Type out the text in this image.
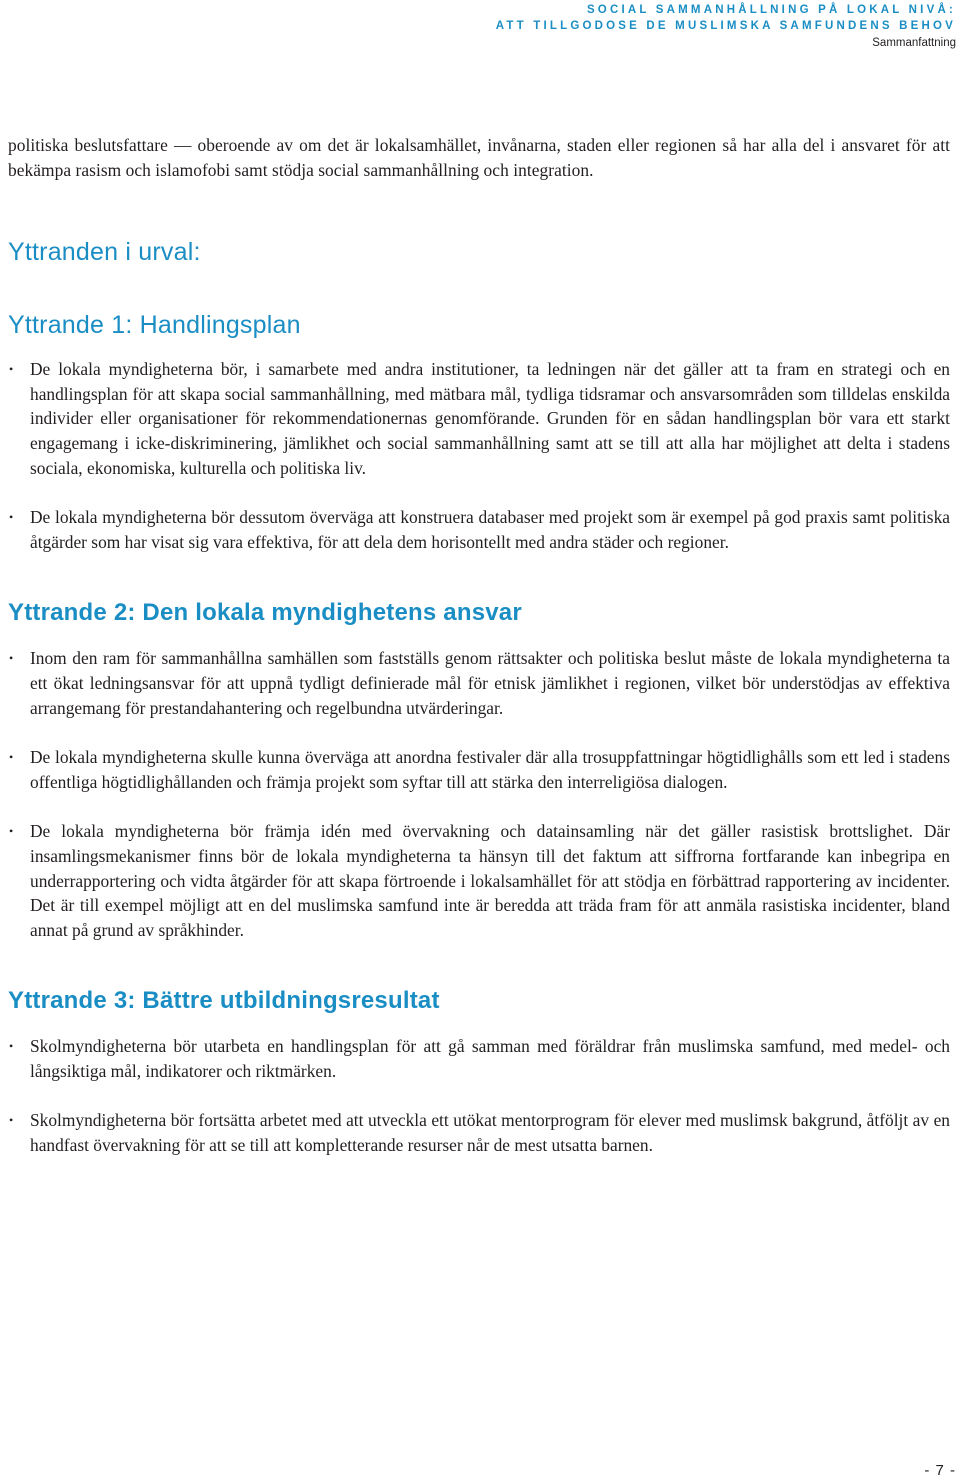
SOCIAL SAMMANHÅLLNING PÅ LOKAL NIVÅ:
ATT TILLGODOSE DE MUSLIMSKA SAMFUNDENS BEHOV
Sammanfattning

politiska beslutsfattare — oberoende av om det är lokalsamhället, invånarna, staden eller regionen så har alla del i ansvaret för att bekämpa rasism och islamofobi samt stödja social sammanhållning och integration.

Yttranden i urval:
Yttrande 1: Handlingsplan
• De lokala myndigheterna bör, i samarbete med andra institutioner, ta ledningen när det gäller att ta fram en strategi och en handlingsplan för att skapa social sammanhållning, med mätbara mål, tydliga tidsramar och ansvarsområden som tilldelas enskilda individer eller organisationer för rekommendationernas genomförande. Grunden för en sådan handlingsplan bör vara ett starkt engagemang i icke-diskriminering, jämlikhet och social sammanhållning samt att se till att alla har möjlighet att delta i stadens sociala, ekonomiska, kulturella och politiska liv.
• De lokala myndigheterna bör dessutom överväga att konstruera databaser med projekt som är exempel på god praxis samt politiska åtgärder som har visat sig vara effektiva, för att dela dem horisontellt med andra städer och regioner.
Yttrande 2: Den lokala myndighetens ansvar
• Inom den ram för sammanhållna samhällen som fastställs genom rättsakter och politiska beslut måste de lokala myndigheterna ta ett ökat ledningsansvar för att uppnå tydligt definierade mål för etnisk jämlikhet i regionen, vilket bör understödjas av effektiva arrangemang för prestandahantering och regelbundna utvärderingar.
• De lokala myndigheterna skulle kunna överväga att anordna festivaler där alla trosuppfattningar högtidlighålls som ett led i stadens offentliga högtidlighållanden och främja projekt som syftar till att stärka den interreligiösa dialogen.
• De lokala myndigheterna bör främja idén med övervakning och datainsamling när det gäller rasistisk brottslighet. Där insamlingsmekanismer finns bör de lokala myndigheterna ta hänsyn till det faktum att siffrorna fortfarande kan inbegripa en underrapportering och vidta åtgärder för att skapa förtroende i lokalsamhället för att stödja en förbättrad rapportering av incidenter. Det är till exempel möjligt att en del muslimska samfund inte är beredda att träda fram för att anmäla rasistiska incidenter, bland annat på grund av språkhinder.
Yttrande 3: Bättre utbildningsresultat
• Skolmyndigheterna bör utarbeta en handlingsplan för att gå samman med föräldrar från muslimska samfund, med medel- och långsiktiga mål, indikatorer och riktmärken.
• Skolmyndigheterna bör fortsätta arbetet med att utveckla ett utökat mentorprogram för elever med muslimsk bakgrund, åtföljt av en handfast övervakning för att se till att kompletterande resurser når de mest utsatta barnen.
- 7 -
